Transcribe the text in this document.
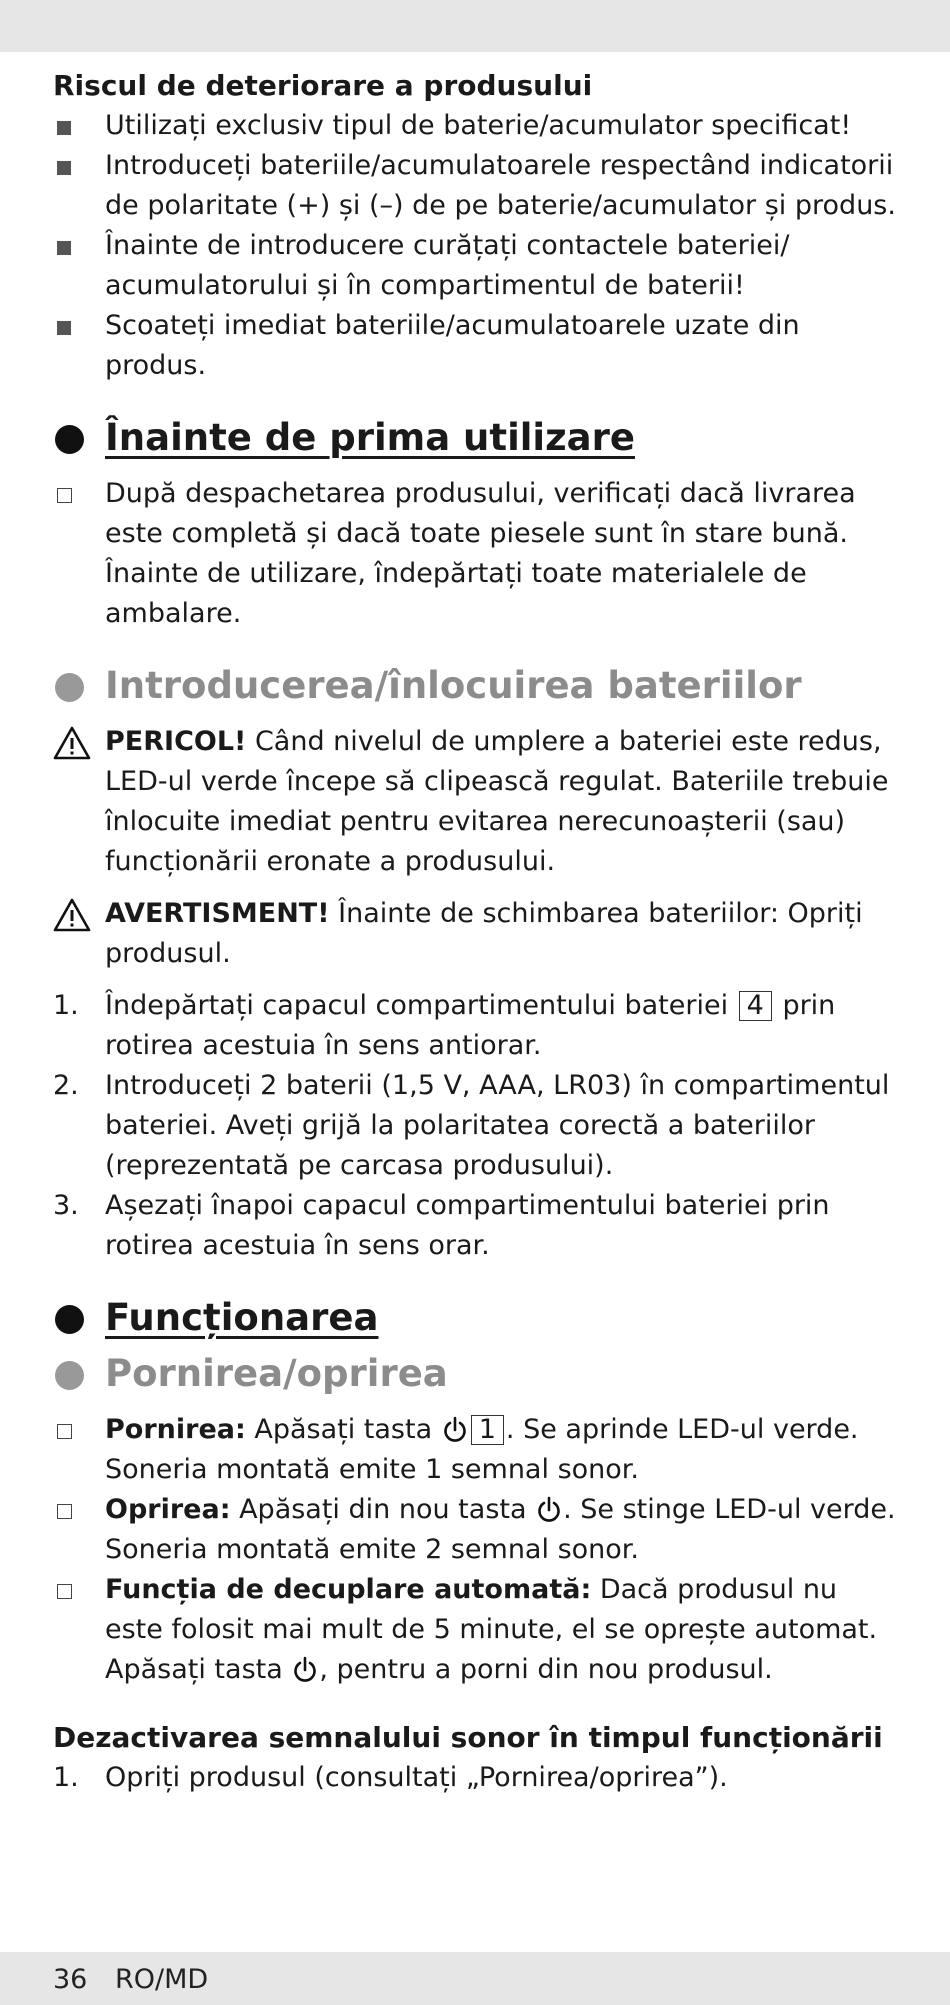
Riscul de deteriorare a produsului
Utilizați exclusiv tipul de baterie/acumulator specificat!
Introduceți bateriile/acumulatoarele respectând indicatorii de polaritate (+) și (–) de pe baterie/acumulator și produs.
Înainte de introducere curățați contactele bateriei/ acumulatorului și în compartimentul de baterii!
Scoateți imediat bateriile/acumulatoarele uzate din produs.
Înainte de prima utilizare
După despachetarea produsului, verificați dacă livrarea este completă și dacă toate piesele sunt în stare bună. Înainte de utilizare, îndepărtați toate materialele de ambalare.
Introducerea/înlocuirea bateriilor
PERICOL! Când nivelul de umplere a bateriei este redus, LED-ul verde începe să clipească regulat. Bateriile trebuie înlocuite imediat pentru evitarea nerecunoașterii (sau) funcționării eronate a produsului.
AVERTISMENT! Înainte de schimbarea bateriilor: Opriți produsul.
1. Îndepărtați capacul compartimentului bateriei 4 prin rotirea acestuia în sens antiorar.
2. Introduceți 2 baterii (1,5 V, AAA, LR03) în compartimentul bateriei. Aveți grijă la polaritatea corectă a bateriilor (reprezentată pe carcasa produsului).
3. Așezați înapoi capacul compartimentului bateriei prin rotirea acestuia în sens orar.
Funcționarea
Pornirea/oprirea
Pornirea: Apăsați tasta 1 . Se aprinde LED-ul verde. Soneria montată emite 1 semnal sonor.
Oprirea: Apăsați din nou tasta . Se stinge LED-ul verde. Soneria montată emite 2 semnal sonor.
Funcția de decuplare automată: Dacă produsul nu este folosit mai mult de 5 minute, el se oprește automat. Apăsați tasta , pentru a porni din nou produsul.
Dezactivarea semnalului sonor în timpul funcționării
1. Opriți produsul (consultați „Pornirea/oprirea”).
36 RO/MD
